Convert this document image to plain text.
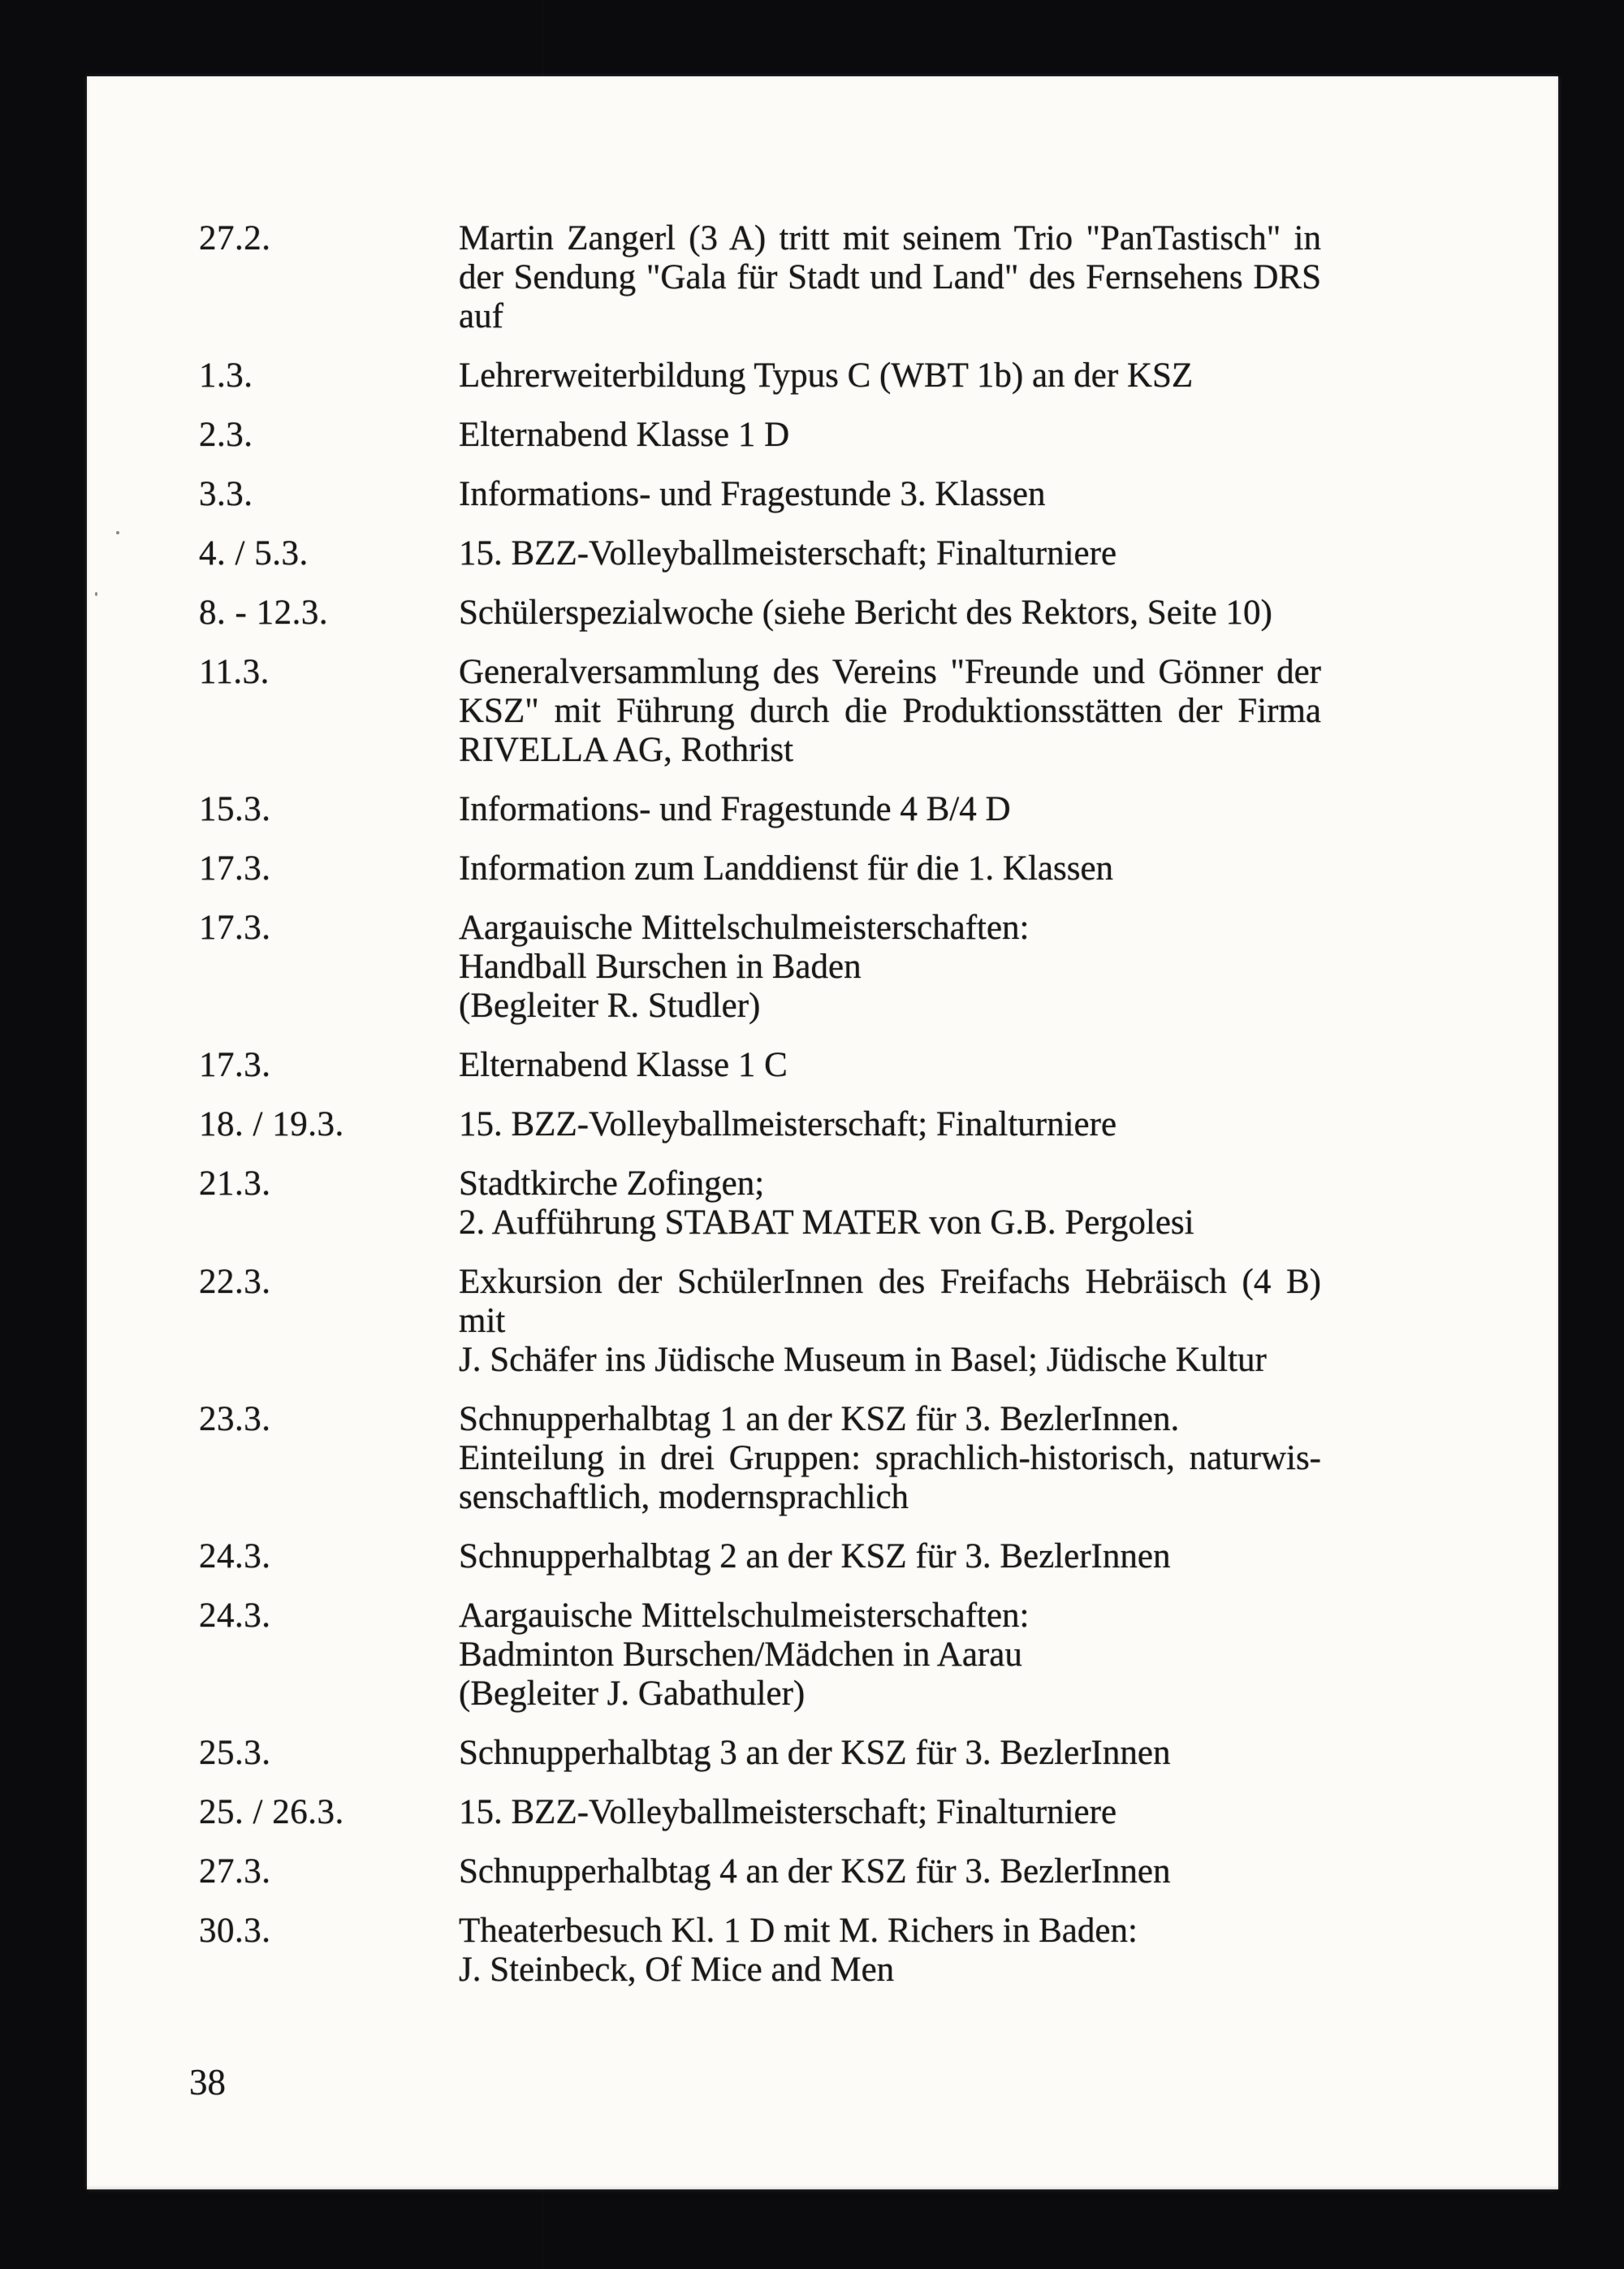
27.2.	Martin Zangerl (3 A) tritt mit seinem Trio "PanTastisch" in
der Sendung "Gala für Stadt und Land" des Fernsehens DRS
auf
1.3.	Lehrerweiterbildung Typus C (WBT 1b) an der KSZ
2.3.	Elternabend Klasse 1 D
3.3.	Informations- und Fragestunde 3. Klassen
4. / 5.3.	15. BZZ-Volleyballmeisterschaft; Finalturniere
8. - 12.3.	Schülerspezialwoche (siehe Bericht des Rektors, Seite 10)
11.3.	Generalversammlung des Vereins "Freunde und Gönner der
KSZ" mit Führung durch die Produktionsstätten der Firma
RIVELLA AG, Rothrist
15.3.	Informations- und Fragestunde 4 B/4 D
17.3.	Information zum Landdienst für die 1. Klassen
17.3.	Aargauische Mittelschulmeisterschaften:
Handball Burschen in Baden
(Begleiter R. Studler)
17.3.	Elternabend Klasse 1 C
18. / 19.3.	15. BZZ-Volleyballmeisterschaft; Finalturniere
21.3.	Stadtkirche Zofingen;
2. Aufführung STABAT MATER von G.B. Pergolesi
22.3.	Exkursion der SchülerInnen des Freifachs Hebräisch (4 B) mit
J. Schäfer ins Jüdische Museum in Basel; Jüdische Kultur
23.3.	Schnupperhalbtag 1 an der KSZ für 3. BezlerInnen.
Einteilung in drei Gruppen: sprachlich-historisch, naturwis-
senschaftlich, modernsprachlich
24.3.	Schnupperhalbtag 2 an der KSZ für 3. BezlerInnen
24.3.	Aargauische Mittelschulmeisterschaften:
Badminton Burschen/Mädchen in Aarau
(Begleiter J. Gabathuler)
25.3.	Schnupperhalbtag 3 an der KSZ für 3. BezlerInnen
25. / 26.3.	15. BZZ-Volleyballmeisterschaft; Finalturniere
27.3.	Schnupperhalbtag 4 an der KSZ für 3. BezlerInnen
30.3.	Theaterbesuch Kl. 1 D mit M. Richers in Baden:
J. Steinbeck, Of Mice and Men
38
